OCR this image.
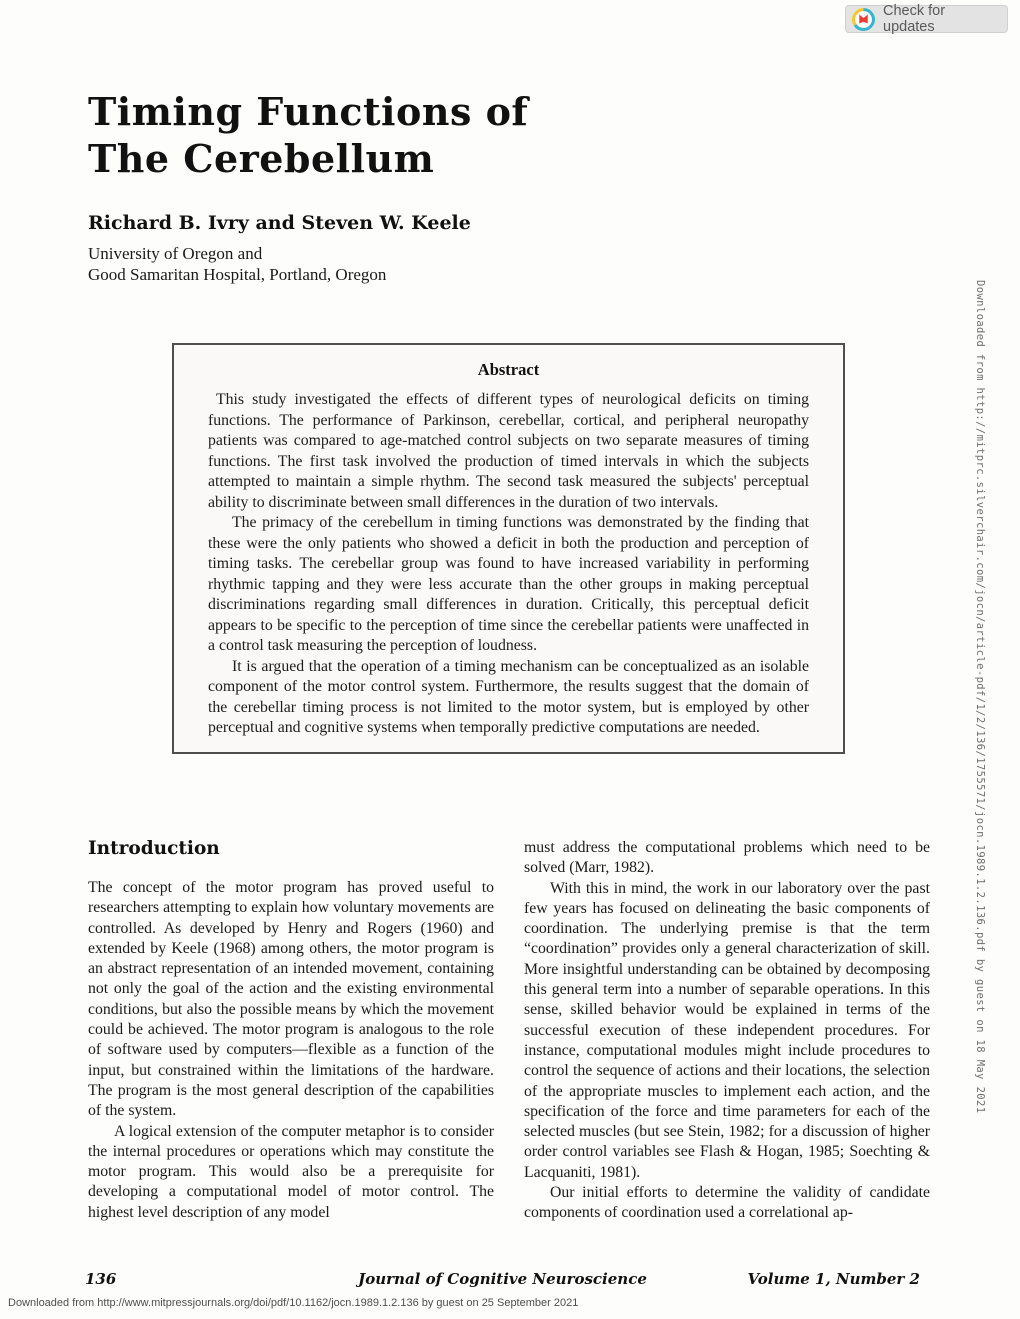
Check for updates
Timing Functions of
The Cerebellum
Richard B. Ivry and Steven W. Keele
University of Oregon and
Good Samaritan Hospital, Portland, Oregon
Abstract

This study investigated the effects of different types of neurological deficits on timing functions. The performance of Parkinson, cerebellar, cortical, and peripheral neuropathy patients was compared to age-matched control subjects on two separate measures of timing functions. The first task involved the production of timed intervals in which the subjects attempted to maintain a simple rhythm. The second task measured the subjects' perceptual ability to discriminate between small differences in the duration of two intervals.

The primacy of the cerebellum in timing functions was demonstrated by the finding that these were the only patients who showed a deficit in both the production and perception of timing tasks. The cerebellar group was found to have increased variability in performing rhythmic tapping and they were less accurate than the other groups in making perceptual discriminations regarding small differences in duration. Critically, this perceptual deficit appears to be specific to the perception of time since the cerebellar patients were unaffected in a control task measuring the perception of loudness.

It is argued that the operation of a timing mechanism can be conceptualized as an isolable component of the motor control system. Furthermore, the results suggest that the domain of the cerebellar timing process is not limited to the motor system, but is employed by other perceptual and cognitive systems when temporally predictive computations are needed.

Introduction

The concept of the motor program has proved useful to researchers attempting to explain how voluntary movements are controlled. As developed by Henry and Rogers (1960) and extended by Keele (1968) among others, the motor program is an abstract representation of an intended movement, containing not only the goal of the action and the existing environmental conditions, but also the possible means by which the movement could be achieved. The motor program is analogous to the role of software used by computers—flexible as a function of the input, but constrained within the limitations of the hardware. The program is the most general description of the capabilities of the system.

A logical extension of the computer metaphor is to consider the internal procedures or operations which may constitute the motor program. This would also be a prerequisite for developing a computational model of motor control. The highest level description of any model

must address the computational problems which need to be solved (Marr, 1982).

With this in mind, the work in our laboratory over the past few years has focused on delineating the basic components of coordination. The underlying premise is that the term “coordination” provides only a general characterization of skill. More insightful understanding can be obtained by decomposing this general term into a number of separable operations. In this sense, skilled behavior would be explained in terms of the successful execution of these independent procedures. For instance, computational modules might include procedures to control the sequence of actions and their locations, the selection of the appropriate muscles to implement each action, and the specification of the force and time parameters for each of the selected muscles (but see Stein, 1982; for a discussion of higher order control variables see Flash & Hogan, 1985; Soechting & Lacquaniti, 1981).

Our initial efforts to determine the validity of candidate components of coordination used a correlational ap-

136	Journal of Cognitive Neuroscience	Volume 1, Number 2
Downloaded from http://www.mitpressjournals.org/doi/pdf/10.1162/jocn.1989.1.2.136 by guest on 25 September 2021
Downloaded from http://mitprc.silverchair.com/jocn/article-pdf/1/2/136/1755571/jocn.1989.1.2.136.pdf by guest on 18 May 2021
